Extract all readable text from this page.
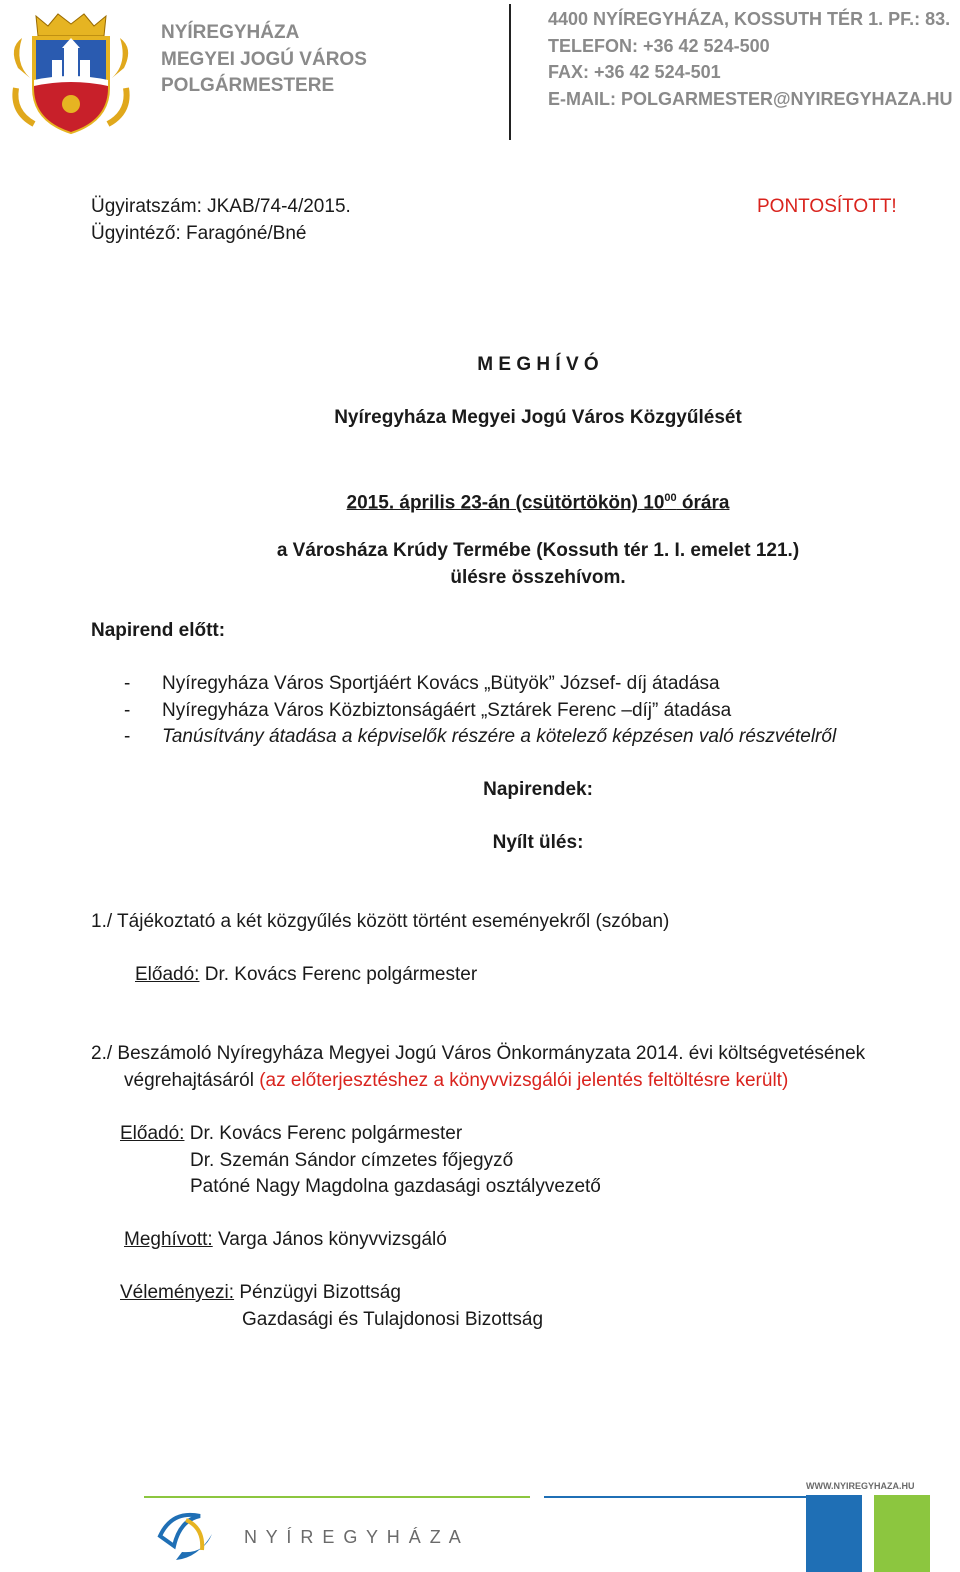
NYÍREGYHÁZA
MEGYEI JOGÚ VÁROS
POLGÁRMESTERE
4400 NYÍREGYHÁZA, KOSSUTH TÉR 1. PF.: 83.
TELEFON: +36 42 524-500
FAX: +36 42 524-501
E-MAIL: POLGARMESTER@NYIREGYHAZA.HU
Ügyiratszám: JKAB/74-4/2015.
Ügyintéző: Faragóné/Bné
PONTOSÍTOTT!
M E G H Í V Ó
Nyíregyháza Megyei Jogú Város Közgyűlését
2015. április 23-án (csütörtökön) $10^{00}$ órára
a Városháza Krúdy Termébe (Kossuth tér 1. I. emelet 121.)
ülésre összehívom.
Napirend előtt:
- Nyíregyháza Város Sportjáért Kovács „Bütyök” József- díj átadása
- Nyíregyháza Város Közbiztonságáért „Sztárek Ferenc –díj” átadása
- Tanúsítvány átadása a képviselők részére a kötelező képzésen való részvételről
Napirendek:
Nyílt ülés:
1./ Tájékoztató a két közgyűlés között történt eseményekről (szóban)
Előadó: Dr. Kovács Ferenc polgármester
2./ Beszámoló Nyíregyháza Megyei Jogú Város Önkormányzata 2014. évi költségvetésének
végrehajtásáról (az előterjesztéshez a könyvvizsgálói jelentés feltöltésre került)
Előadó: Dr. Kovács Ferenc polgármester
Dr. Szemán Sándor címzetes főjegyző
Patóné Nagy Magdolna gazdasági osztályvezető
Meghívott: Varga János könyvvizsgáló
Véleményezi: Pénzügyi Bizottság
Gazdasági és Tulajdonosi Bizottság
N Y Í R E G Y H Á Z A
WWW.NYIREGYHAZA.HU
